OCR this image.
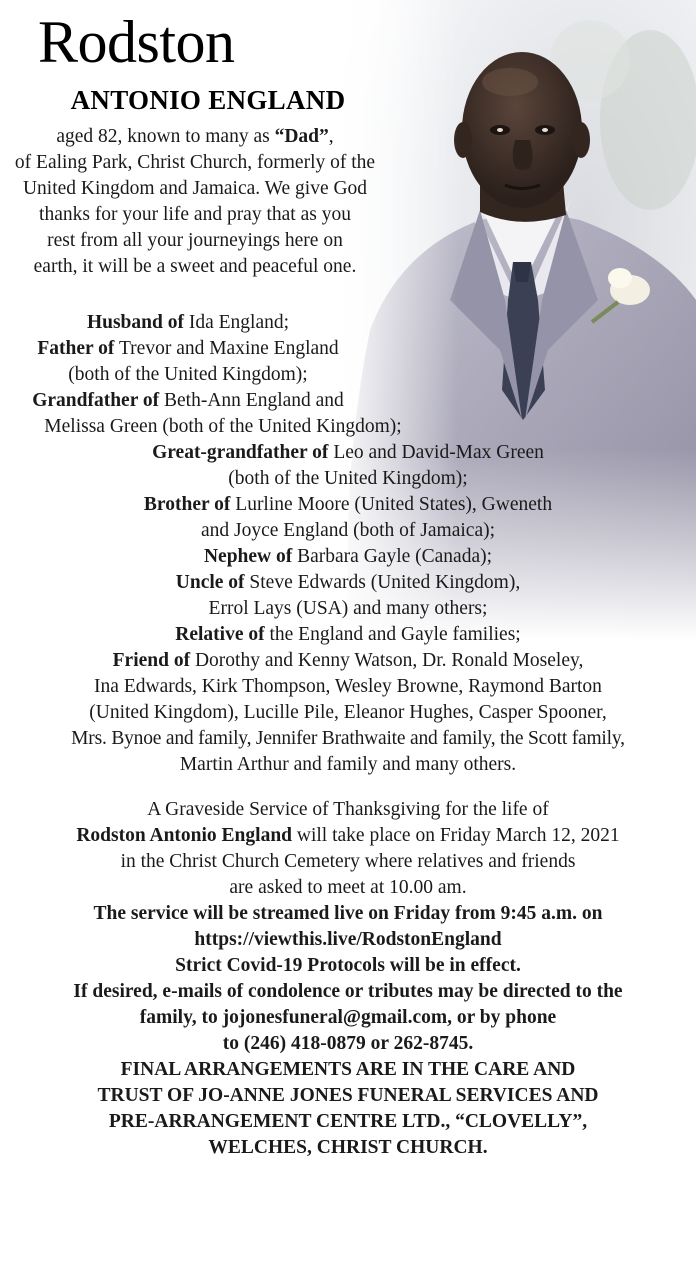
Rodston
ANTONIO ENGLAND
aged 82, known to many as “Dad”,
of Ealing Park, Christ Church, formerly of the
United Kingdom and Jamaica. We give God
thanks for your life and pray that as you
rest from all your journeyings here on
earth, it will be a sweet and peaceful one.
Husband of Ida England;
Father of Trevor and Maxine England
(both of the United Kingdom);
Grandfather of Beth-Ann England and
Melissa Green (both of the United Kingdom);
Great-grandfather of Leo and David-Max Green
(both of the United Kingdom);
Brother of Lurline Moore (United States), Gweneth
and Joyce England (both of Jamaica);
Nephew of Barbara Gayle (Canada);
Uncle of Steve Edwards (United Kingdom),
Errol Lays (USA) and many others;
Relative of the England and Gayle families;
Friend of Dorothy and Kenny Watson, Dr. Ronald Moseley,
Ina Edwards, Kirk Thompson, Wesley Browne, Raymond Barton
(United Kingdom), Lucille Pile, Eleanor Hughes, Casper Spooner,
Mrs. Bynoe and family, Jennifer Brathwaite and family, the Scott family,
Martin Arthur and family and many others.
A Graveside Service of Thanksgiving for the life of
Rodston Antonio England will take place on Friday March 12, 2021
in the Christ Church Cemetery where relatives and friends
are asked to meet at 10.00 am.
The service will be streamed live on Friday from 9:45 a.m. on
https://viewthis.live/RodstonEngland
Strict Covid-19 Protocols will be in effect.
If desired, e-mails of condolence or tributes may be directed to the
family, to jojonesfuneral@gmail.com, or by phone
to (246) 418-0879 or 262-8745.
FINAL ARRANGEMENTS ARE IN THE CARE AND
TRUST OF JO-ANNE JONES FUNERAL SERVICES AND
PRE-ARRANGEMENT CENTRE LTD., “CLOVELLY”,
WELCHES, CHRIST CHURCH.
